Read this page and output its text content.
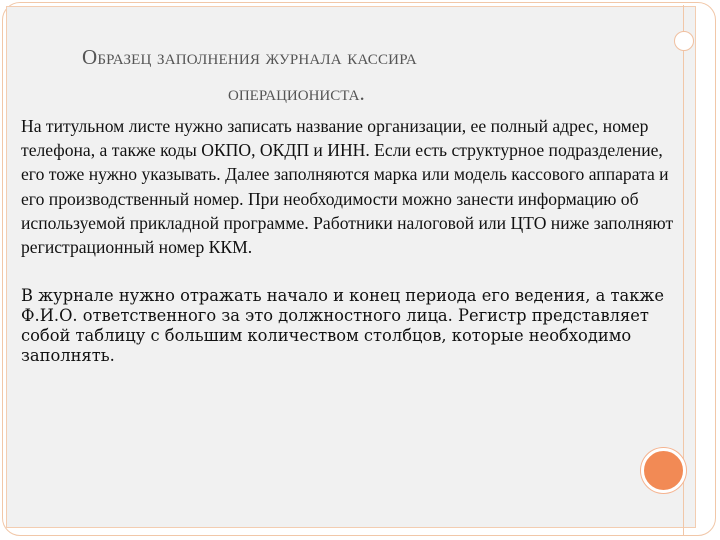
Образец заполнения журнала кассира
операциониста.

На титульном листе нужно записать название организации, ее полный адрес, номер телефона, а также коды ОКПО, ОКДП и ИНН. Если есть структурное подразделение, его тоже нужно указывать. Далее заполняются марка или модель кассового аппарата и его производственный номер. При необходимости можно занести информацию об используемой прикладной программе. Работники налоговой или ЦТО ниже заполняют регистрационный номер ККМ.

В журнале нужно отражать начало и конец периода его ведения, а также Ф.И.О. ответственного за это должностного лица. Регистр представляет собой таблицу с большим количеством столбцов, которые необходимо заполнять.
